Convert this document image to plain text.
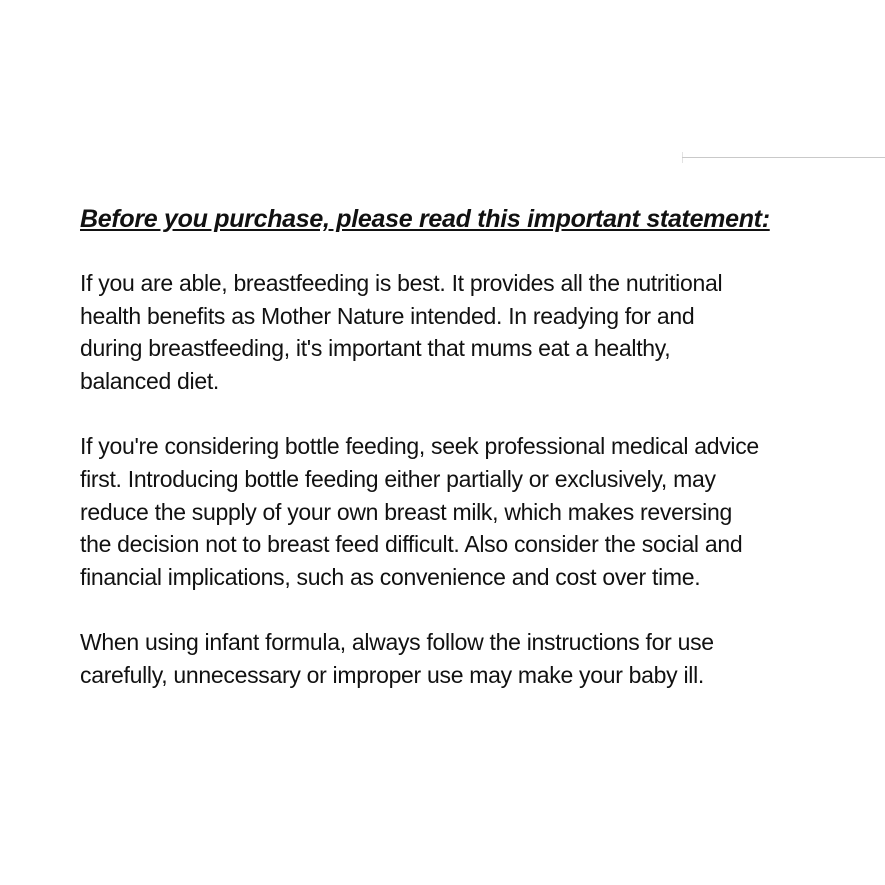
Before you purchase, please read this important statement:
If you are able, breastfeeding is best. It provides all the nutritional
health benefits as Mother Nature intended. In readying for and
during breastfeeding, it's important that mums eat a healthy,
balanced diet.
If you're considering bottle feeding, seek professional medical advice
first. Introducing bottle feeding either partially or exclusively, may
reduce the supply of your own breast milk, which makes reversing
the decision not to breast feed difficult. Also consider the social and
financial implications, such as convenience and cost over time.
When using infant formula, always follow the instructions for use
carefully, unnecessary or improper use may make your baby ill.
